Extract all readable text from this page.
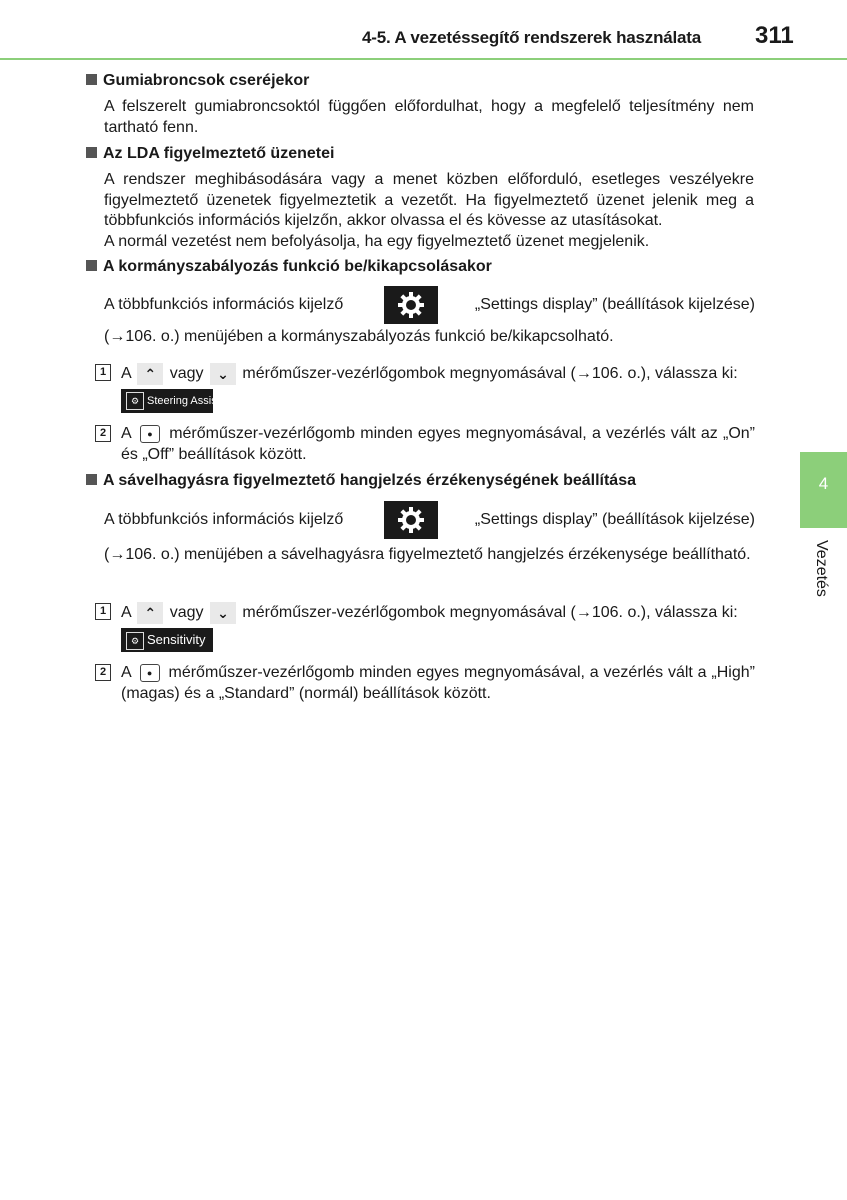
4-5. A vezetéssegítő rendszerek használata 311
4
Vezetés
Gumiabroncsok cseréjekor
A felszerelt gumiabroncsoktól függően előfordulhat, hogy a megfelelő teljesítmény nem tartható fenn.
Az LDA figyelmeztető üzenetei
A rendszer meghibásodására vagy a menet közben előforduló, esetleges veszélyekre figyelmeztető üzenetek figyelmeztetik a vezetőt. Ha figyelmeztető üzenet jelenik meg a többfunkciós információs kijelzőn, akkor olvassa el és kövesse az utasításokat.
A normál vezetést nem befolyásolja, ha egy figyelmeztető üzenet megjelenik.
A kormányszabályozás funkció be/kikapcsolásakor
A többfunkciós információs kijelző	„Settings display” (beállítások kijelzése)
(→106. o.) menüjében a kormányszabályozás funkció be/kikapcsolható.
1 A ⌃ vagy ⌄ mérőműszer-vezérlőgombok megnyomásával (→106. o.), válassza ki:
⚙ Steering Assist
2 A ● mérőműszer-vezérlőgomb minden egyes megnyomásával, a vezérlés vált az „On” és „Off” beállítások között.
A sávelhagyásra figyelmeztető hangjelzés érzékenységének beállítása
A többfunkciós információs kijelző	„Settings display” (beállítások kijelzése)
(→106. o.) menüjében a sávelhagyásra figyelmeztető hangjelzés érzékenysége beállítható.
1 A ⌃ vagy ⌄ mérőműszer-vezérlőgombok megnyomásával (→106. o.), válassza ki:
⚙ Sensitivity
2 A ● mérőműszer-vezérlőgomb minden egyes megnyomásával, a vezérlés vált a „High” (magas) és a „Standard” (normál) beállítások között.
